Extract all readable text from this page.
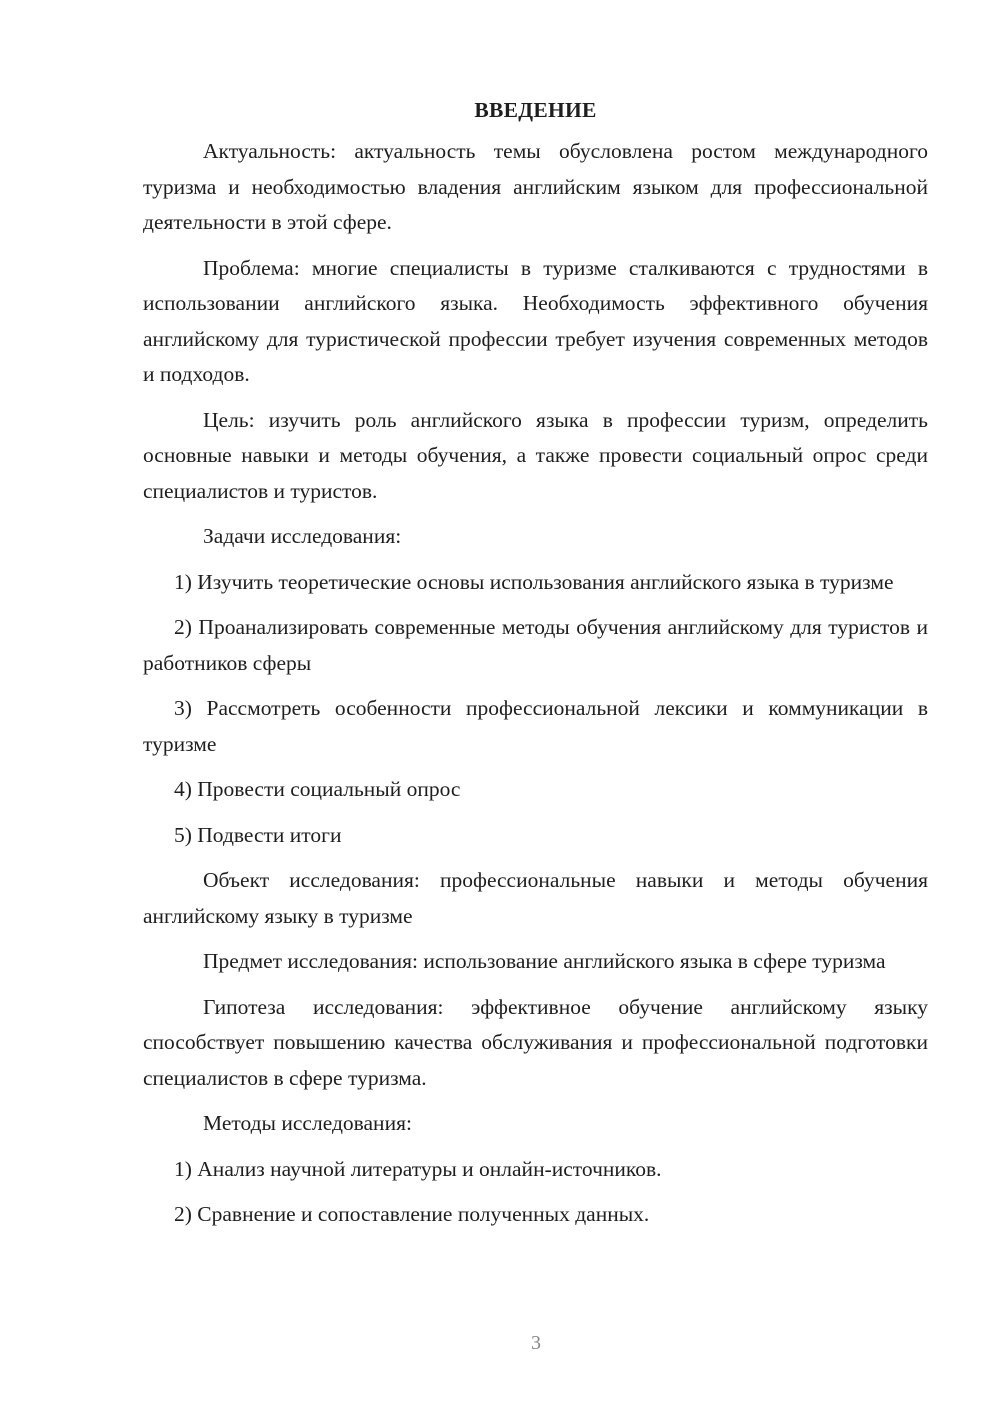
ВВЕДЕНИЕ

Актуальность: актуальность темы обусловлена ростом международного туризма и необходимостью владения английским языком для профессиональной деятельности в этой сфере.

Проблема: многие специалисты в туризме сталкиваются с трудностями в использовании английского языка. Необходимость эффективного обучения английскому для туристической профессии требует изучения современных методов и подходов.

Цель: изучить роль английского языка в профессии туризм, определить основные навыки и методы обучения, а также провести социальный опрос среди специалистов и туристов.

Задачи исследования:

1) Изучить теоретические основы использования английского языка в туризме

2) Проанализировать современные методы обучения английскому для туристов и работников сферы

3) Рассмотреть особенности профессиональной лексики и коммуникации в туризме

4) Провести социальный опрос

5) Подвести итоги

Объект исследования: профессиональные навыки и методы обучения английскому языку в туризме

Предмет исследования: использование английского языка в сфере туризма

Гипотеза исследования: эффективное обучение английскому языку способствует повышению качества обслуживания и профессиональной подготовки специалистов в сфере туризма.

Методы исследования:

1) Анализ научной литературы и онлайн-источников.

2) Сравнение и сопоставление полученных данных.

3
